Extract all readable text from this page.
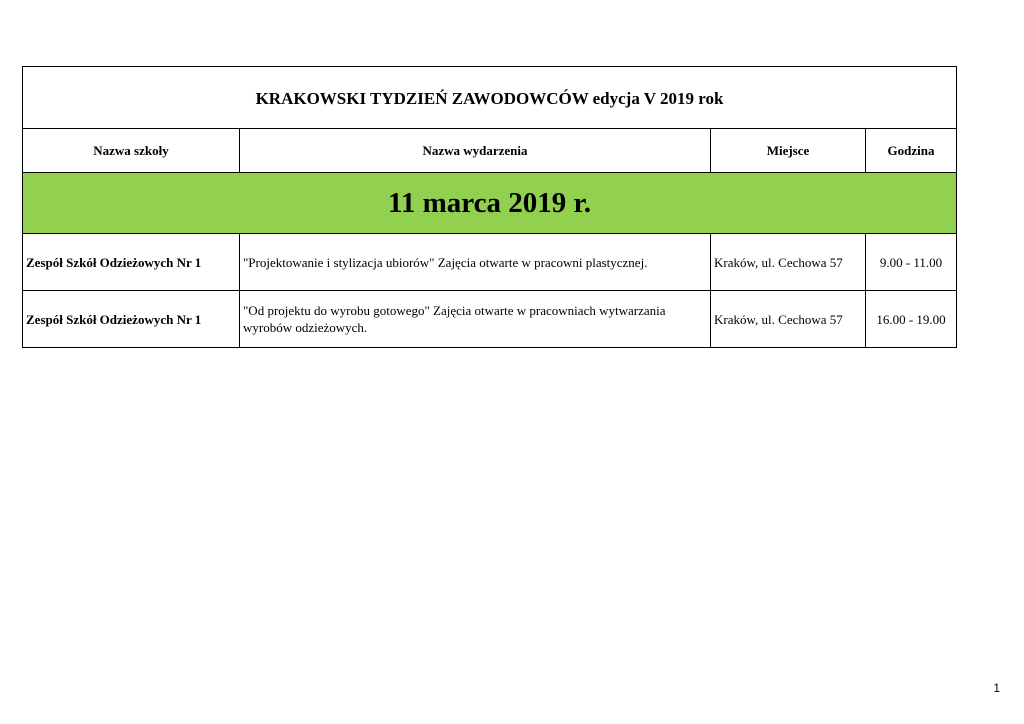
KRAKOWSKI TYDZIEŃ ZAWODOWCÓW edycja V 2019 rok			
Nazwa szkoły	Nazwa wydarzenia	Miejsce	Godzina
11 marca 2019 r.			
Zespół Szkół Odzieżowych Nr 1	"Projektowanie i stylizacja ubiorów" Zajęcia otwarte w pracowni plastycznej.	Kraków, ul. Cechowa 57	9.00 - 11.00
Zespół Szkół Odzieżowych Nr 1	"Od projektu do wyrobu gotowego" Zajęcia otwarte w pracowniach wytwarzania wyrobów odzieżowych.	Kraków, ul. Cechowa 57	16.00 - 19.00
1
